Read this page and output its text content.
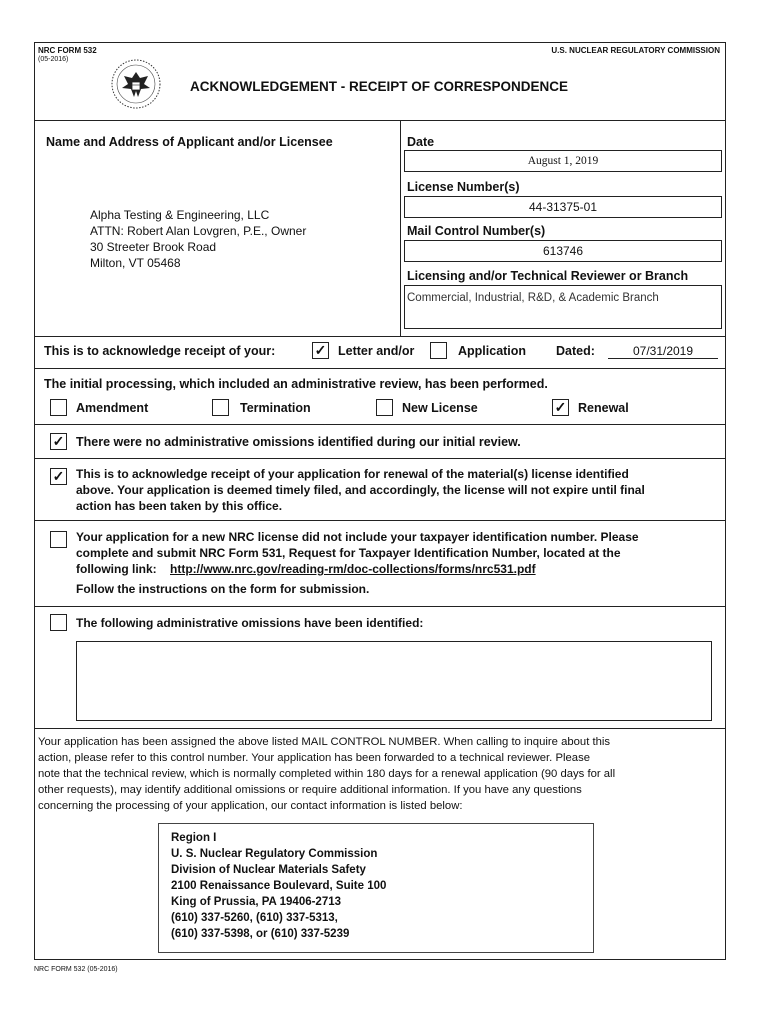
NRC FORM 532
(05-2016)
U.S. NUCLEAR REGULATORY COMMISSION
ACKNOWLEDGEMENT - RECEIPT OF CORRESPONDENCE
Name and Address of Applicant and/or Licensee
Alpha Testing & Engineering, LLC
ATTN: Robert Alan Lovgren, P.E., Owner
30 Streeter Brook Road
Milton, VT 05468
Date
August 1, 2019
License Number(s)
44-31375-01
Mail Control Number(s)
613746
Licensing and/or Technical Reviewer or Branch
Commercial, Industrial, R&D, & Academic Branch
This is to acknowledge receipt of your:	✓ Letter and/or	Application Dated:	07/31/2019
The initial processing, which included an administrative review, has been performed.
Amendment	Termination	New License	✓ Renewal
✓ There were no administrative omissions identified during our initial review.
✓ This is to acknowledge receipt of your application for renewal of the material(s) license identified
above. Your application is deemed timely filed, and accordingly, the license will not expire until final
action has been taken by this office.
Your application for a new NRC license did not include your taxpayer identification number. Please
complete and submit NRC Form 531, Request for Taxpayer Identification Number, located at the
following link: http://www.nrc.gov/reading-rm/doc-collections/forms/nrc531.pdf
Follow the instructions on the form for submission.
The following administrative omissions have been identified:
Your application has been assigned the above listed MAIL CONTROL NUMBER. When calling to inquire about this
action, please refer to this control number. Your application has been forwarded to a technical reviewer. Please
note that the technical review, which is normally completed within 180 days for a renewal application (90 days for all
other requests), may identify additional omissions or require additional information. If you have any questions
concerning the processing of your application, our contact information is listed below:
Region I
U. S. Nuclear Regulatory Commission
Division of Nuclear Materials Safety
2100 Renaissance Boulevard, Suite 100
King of Prussia, PA 19406-2713
(610) 337-5260, (610) 337-5313,
(610) 337-5398, or (610) 337-5239
NRC FORM 532 (05-2016)
